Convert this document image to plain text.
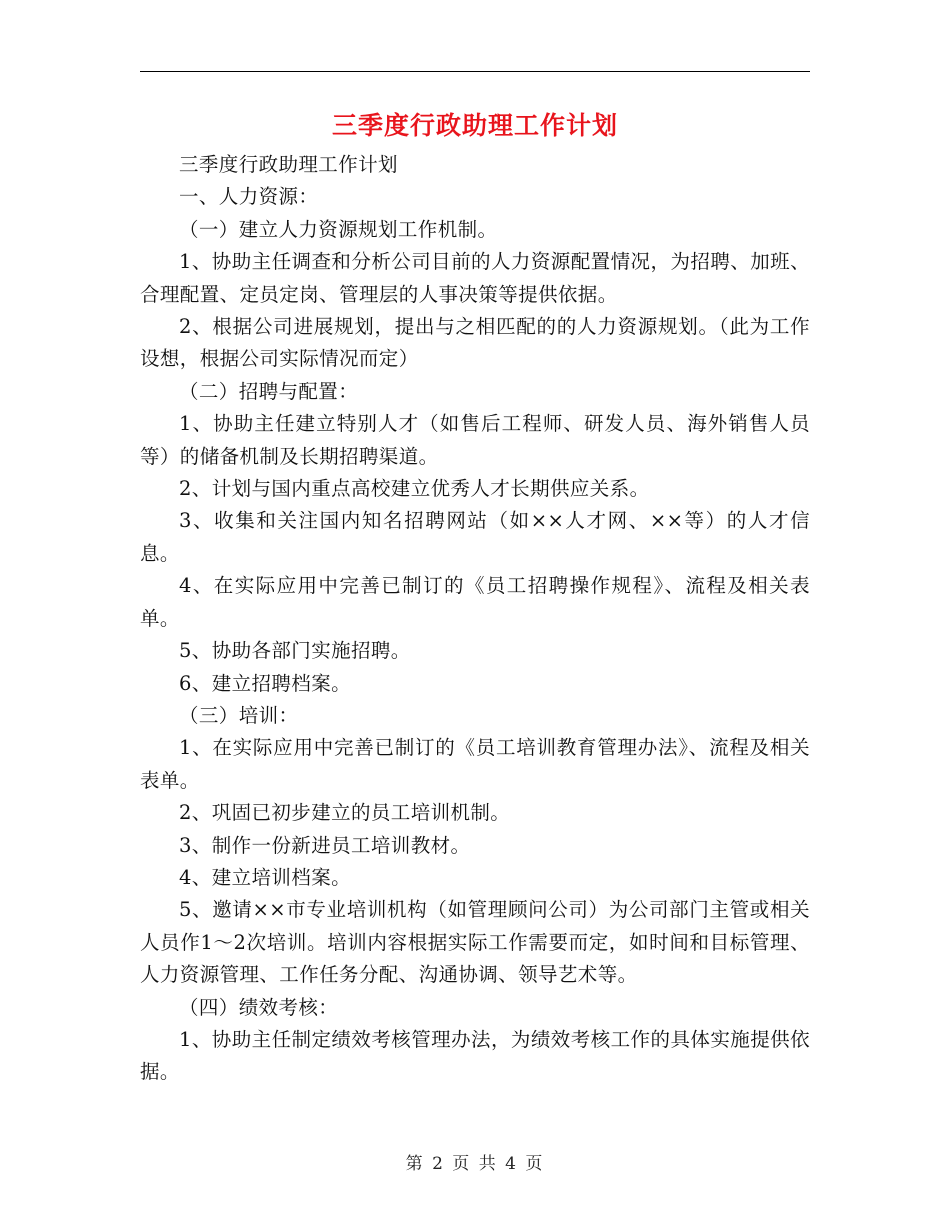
三季度行政助理工作计划

三季度行政助理工作计划

一、人力资源：

（一）建立人力资源规划工作机制。

1、协助主任调查和分析公司目前的人力资源配置情况，为招聘、加班、合理配置、定员定岗、管理层的人事决策等提供依据。

2、根据公司进展规划，提出与之相匹配的的人力资源规划。（此为工作设想，根据公司实际情况而定）

（二）招聘与配置：

1、协助主任建立特别人才（如售后工程师、研发人员、海外销售人员等）的储备机制及长期招聘渠道。

2、计划与国内重点高校建立优秀人才长期供应关系。

3、收集和关注国内知名招聘网站（如××人才网、××等）的人才信息。

4、在实际应用中完善已制订的《员工招聘操作规程》、流程及相关表单。

5、协助各部门实施招聘。

6、建立招聘档案。

（三）培训：

1、在实际应用中完善已制订的《员工培训教育管理办法》、流程及相关表单。

2、巩固已初步建立的员工培训机制。

3、制作一份新进员工培训教材。

4、建立培训档案。

5、邀请××市专业培训机构（如管理顾问公司）为公司部门主管或相关人员作1～2次培训。培训内容根据实际工作需要而定，如时间和目标管理、人力资源管理、工作任务分配、沟通协调、领导艺术等。

（四）绩效考核：

1、协助主任制定绩效考核管理办法，为绩效考核工作的具体实施提供依据。

第 2 页 共 4 页
